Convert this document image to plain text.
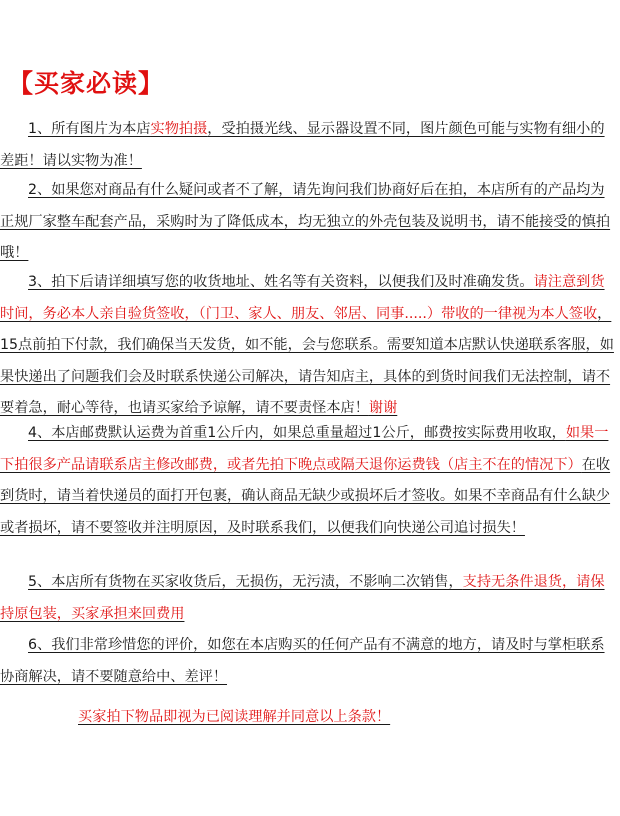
【买家必读】
1、所有图片为本店实物拍摄，受拍摄光线、显示器设置不同，图片颜色可能与实物有细小的差距！请以实物为准！
2、如果您对商品有什么疑问或者不了解，请先询问我们协商好后在拍，本店所有的产品均为正规厂家整车配套产品，采购时为了降低成本，均无独立的外壳包装及说明书，请不能接受的慎拍哦！
3、拍下后请详细填写您的收货地址、姓名等有关资料，以便我们及时准确发货。请注意到货时间，务必本人亲自验货签收，（门卫、家人、朋友、邻居、同事.....）带收的一律视为本人签收，15点前拍下付款，我们确保当天发货，如不能，会与您联系。需要知道本店默认快递联系客服，如果快递出了问题我们会及时联系快递公司解决，请告知店主，具体的到货时间我们无法控制，请不要着急，耐心等待，也请买家给予谅解，请不要责怪本店！谢谢
4、本店邮费默认运费为首重1公斤内，如果总重量超过1公斤，邮费按实际费用收取，如果一下拍很多产品请联系店主修改邮费，或者先拍下晚点或隔天退你运费钱（店主不在的情况下）在收到货时，请当着快递员的面打开包裹，确认商品无缺少或损坏后才签收。如果不幸商品有什么缺少或者损坏，请不要签收并注明原因，及时联系我们，以便我们向快递公司追讨损失！
5、本店所有货物在买家收货后，无损伤，无污渍，不影响二次销售，支持无条件退货，请保持原包装，买家承担来回费用
6、我们非常珍惜您的评价，如您在本店购买的任何产品有不满意的地方，请及时与掌柜联系协商解决，请不要随意给中、差评！
买家拍下物品即视为已阅读理解并同意以上条款！
